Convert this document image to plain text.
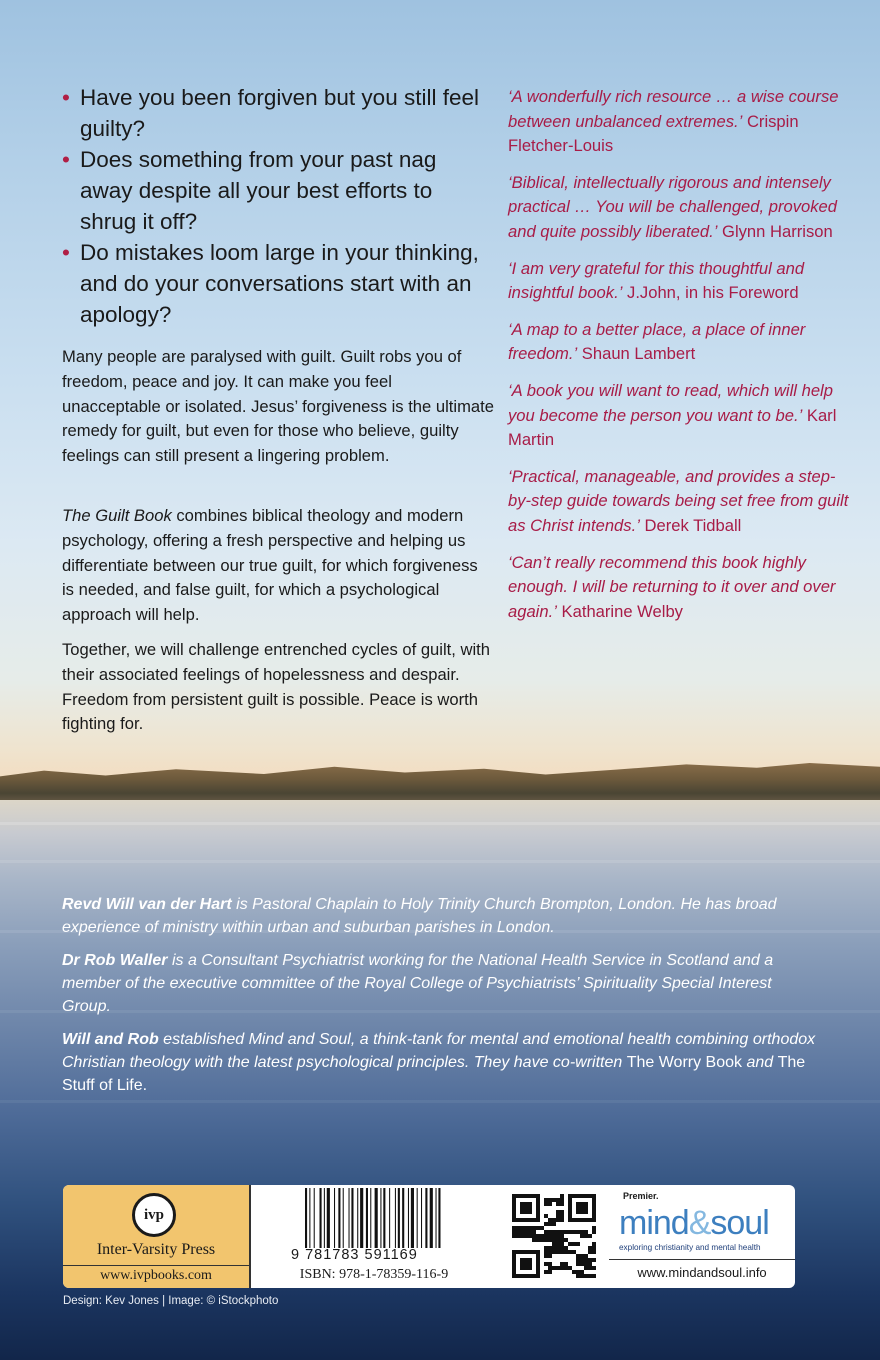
• Have you been forgiven but you still feel guilty?
• Does something from your past nag away despite all your best efforts to shrug it off?
• Do mistakes loom large in your thinking, and do your conversations start with an apology?

Many people are paralysed with guilt. Guilt robs you of freedom, peace and joy. It can make you feel unacceptable or isolated. Jesus’ forgiveness is the ultimate remedy for guilt, but even for those who believe, guilty feelings can still present a lingering problem.

The Guilt Book combines biblical theology and modern psychology, offering a fresh perspective and helping us differentiate between our true guilt, for which forgiveness is needed, and false guilt, for which a psychological approach will help.

Together, we will challenge entrenched cycles of guilt, with their associated feelings of hopelessness and despair. Freedom from persistent guilt is possible. Peace is worth fighting for.

‘A wonderfully rich resource … a wise course between unbalanced extremes.’ Crispin Fletcher-Louis

‘Biblical, intellectually rigorous and intensely practical … You will be challenged, provoked and quite possibly liberated.’ Glynn Harrison

‘I am very grateful for this thoughtful and insightful book.’ J.John, in his Foreword

‘A map to a better place, a place of inner freedom.’ Shaun Lambert

‘A book you will want to read, which will help you become the person you want to be.’ Karl Martin

‘Practical, manageable, and provides a step-by-step guide towards being set free from guilt as Christ intends.’ Derek Tidball

‘Can’t really recommend this book highly enough. I will be returning to it over and over again.’ Katharine Welby

Revd Will van der Hart is Pastoral Chaplain to Holy Trinity Church Brompton, London. He has broad experience of ministry within urban and suburban parishes in London.

Dr Rob Waller is a Consultant Psychiatrist working for the National Health Service in Scotland and a member of the executive committee of the Royal College of Psychiatrists’ Spirituality Special Interest Group.

Will and Rob established Mind and Soul, a think-tank for mental and emotional health combining orthodox Christian theology with the latest psychological principles. They have co-written The Worry Book and The Stuff of Life.

ivp
Inter-Varsity Press
www.ivpbooks.com
9 781783 591169
ISBN: 978-1-78359-116-9
Premier.
mind&soul
exploring christianity and mental health
www.mindandsoul.info
Design: Kev Jones | Image: © iStockphoto
